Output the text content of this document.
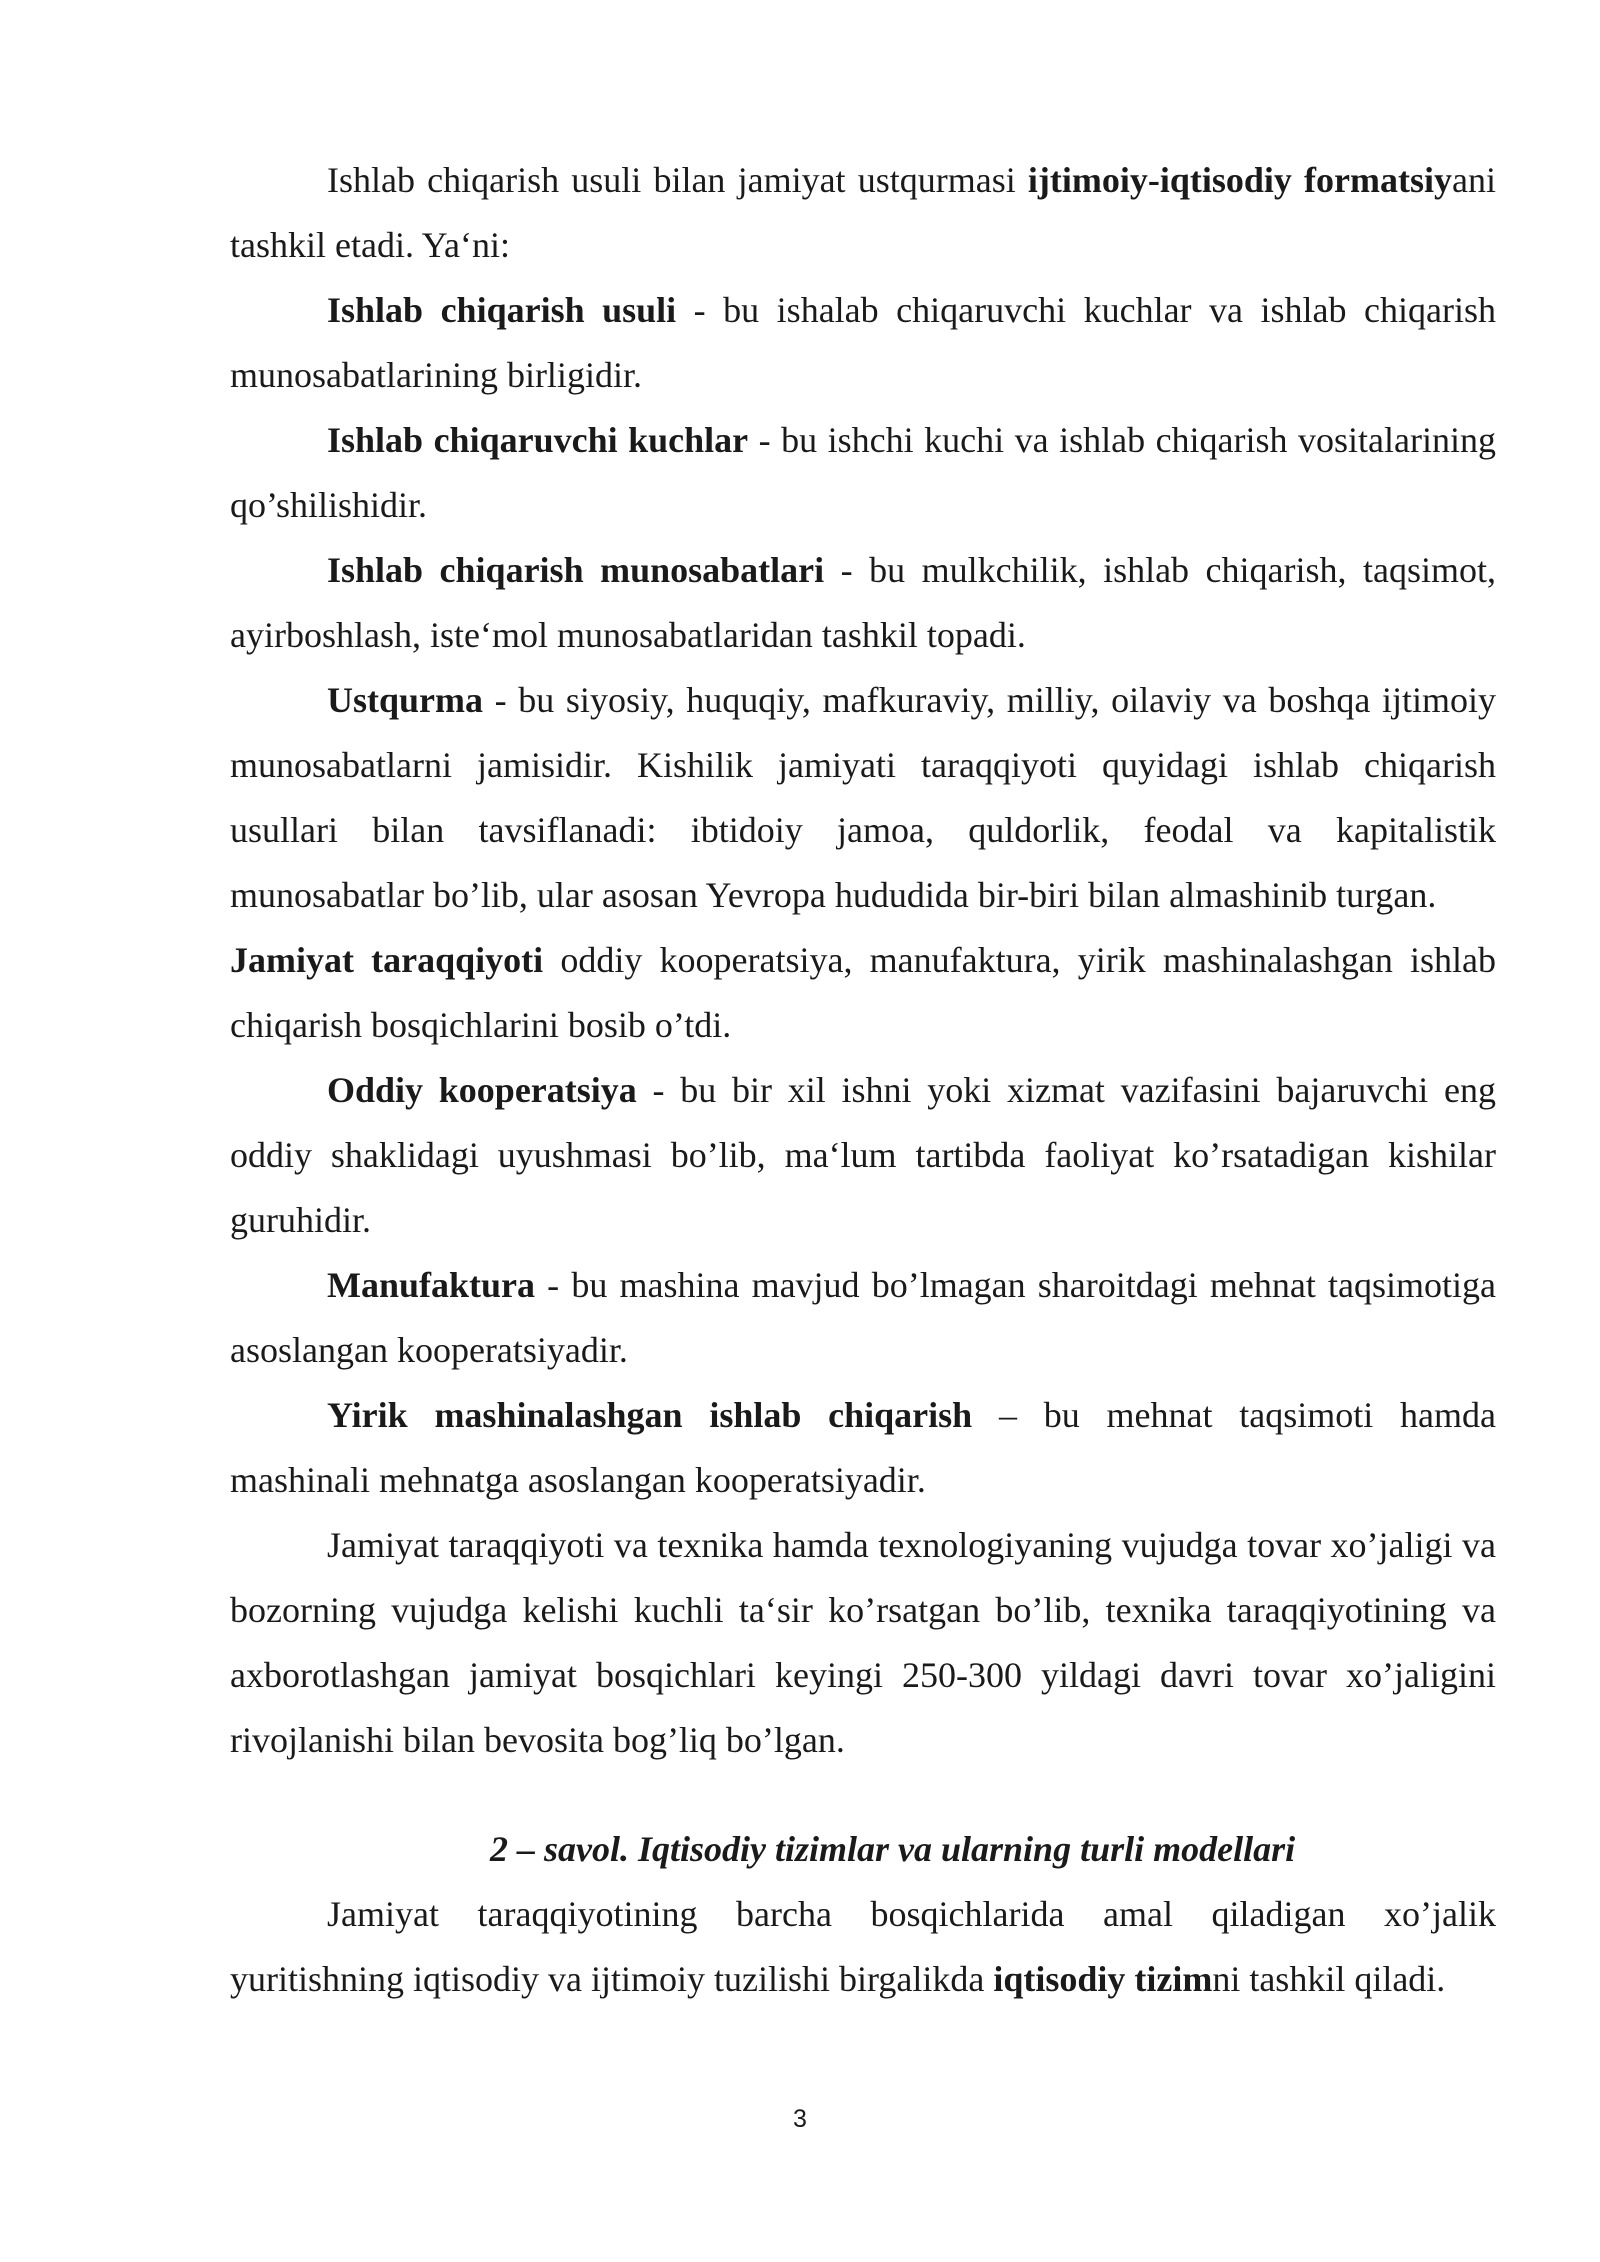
Ishlab chiqarish usuli bilan jamiyat ustqurmasi ijtimoiy-iqtisodiy formatsiyani tashkil etadi. Ya‘ni:

Ishlab chiqarish usuli - bu ishalab chiqaruvchi kuchlar va ishlab chiqarish munosabatlarining birligidir.

Ishlab chiqaruvchi kuchlar - bu ishchi kuchi va ishlab chiqarish vositalarining qo’shilishidir.

Ishlab chiqarish munosabatlari - bu mulkchilik, ishlab chiqarish, taqsimot, ayirboshlash, iste‘mol munosabatlaridan tashkil topadi.

Ustqurma - bu siyosiy, huquqiy, mafkuraviy, milliy, oilaviy va boshqa ijtimoiy munosabatlarni jamisidir. Kishilik jamiyati taraqqiyoti quyidagi ishlab chiqarish usullari bilan tavsiflanadi: ibtidoiy jamoa, quldorlik, feodal va kapitalistik munosabatlar bo’lib, ular asosan Yevropa hududida bir-biri bilan almashinib turgan.

Jamiyat taraqqiyoti oddiy kooperatsiya, manufaktura, yirik mashinalashgan ishlab chiqarish bosqichlarini bosib o’tdi.

Oddiy kooperatsiya - bu bir xil ishni yoki xizmat vazifasini bajaruvchi eng oddiy shaklidagi uyushmasi bo’lib, ma‘lum tartibda faoliyat ko’rsatadigan kishilar guruhidir.

Manufaktura - bu mashina mavjud bo’lmagan sharoitdagi mehnat taqsimotiga asoslangan kooperatsiyadir.

Yirik mashinalashgan ishlab chiqarish – bu mehnat taqsimoti hamda mashinali mehnatga asoslangan kooperatsiyadir.

Jamiyat taraqqiyoti va texnika hamda texnologiyaning vujudga tovar xo’jaligi va bozorning vujudga kelishi kuchli ta‘sir ko’rsatgan bo’lib, texnika taraqqiyotining va axborotlashgan jamiyat bosqichlari keyingi 250-300 yildagi davri tovar xo’jaligini rivojlanishi bilan bevosita bog’liq bo’lgan.

2 – savol. Iqtisodiy tizimlar va ularning turli modellari

Jamiyat taraqqiyotining barcha bosqichlarida amal qiladigan xo’jalik yuritishning iqtisodiy va ijtimoiy tuzilishi birgalikda iqtisodiy tizimni tashkil qiladi.

3
